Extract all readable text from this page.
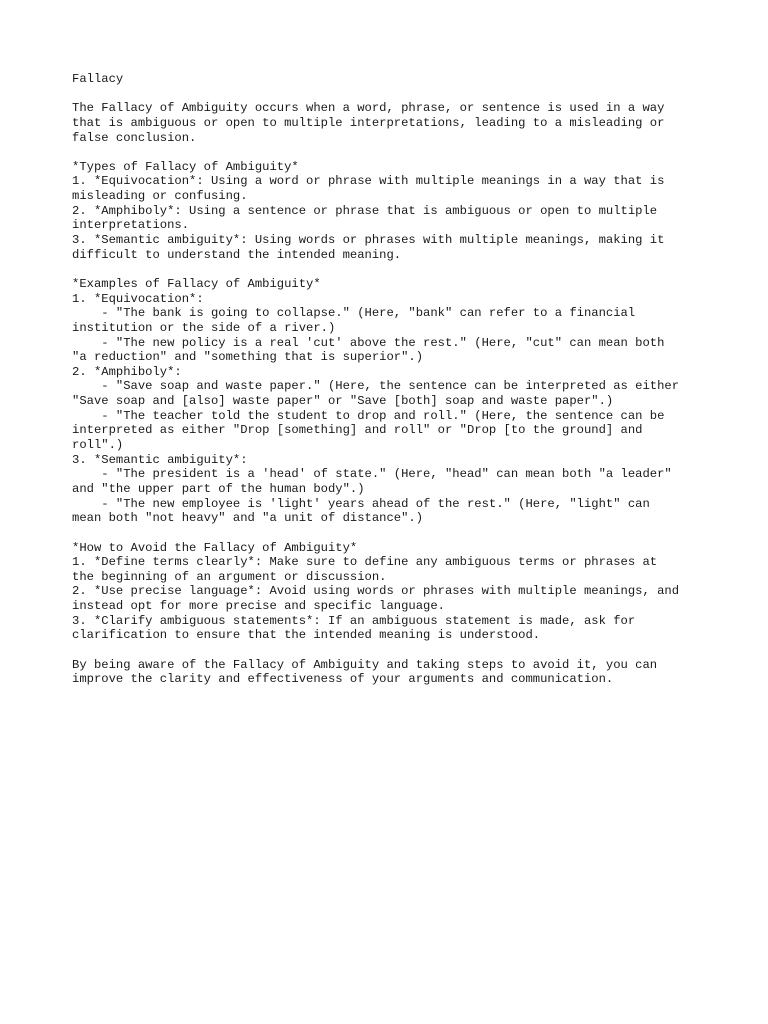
Fallacy
The Fallacy of Ambiguity occurs when a word, phrase, or sentence is used in a way
that is ambiguous or open to multiple interpretations, leading to a misleading or
false conclusion.
*Types of Fallacy of Ambiguity*
1. *Equivocation*: Using a word or phrase with multiple meanings in a way that is
misleading or confusing.
2. *Amphiboly*: Using a sentence or phrase that is ambiguous or open to multiple
interpretations.
3. *Semantic ambiguity*: Using words or phrases with multiple meanings, making it
difficult to understand the intended meaning.
*Examples of Fallacy of Ambiguity*
1. *Equivocation*:
- "The bank is going to collapse." (Here, "bank" can refer to a financial
institution or the side of a river.)
- "The new policy is a real 'cut' above the rest." (Here, "cut" can mean both
"a reduction" and "something that is superior".)
2. *Amphiboly*:
- "Save soap and waste paper." (Here, the sentence can be interpreted as either
"Save soap and [also] waste paper" or "Save [both] soap and waste paper".)
- "The teacher told the student to drop and roll." (Here, the sentence can be
interpreted as either "Drop [something] and roll" or "Drop [to the ground] and
roll".)
3. *Semantic ambiguity*:
- "The president is a 'head' of state." (Here, "head" can mean both "a leader"
and "the upper part of the human body".)
- "The new employee is 'light' years ahead of the rest." (Here, "light" can
mean both "not heavy" and "a unit of distance".)
*How to Avoid the Fallacy of Ambiguity*
1. *Define terms clearly*: Make sure to define any ambiguous terms or phrases at
the beginning of an argument or discussion.
2. *Use precise language*: Avoid using words or phrases with multiple meanings, and
instead opt for more precise and specific language.
3. *Clarify ambiguous statements*: If an ambiguous statement is made, ask for
clarification to ensure that the intended meaning is understood.
By being aware of the Fallacy of Ambiguity and taking steps to avoid it, you can
improve the clarity and effectiveness of your arguments and communication.
